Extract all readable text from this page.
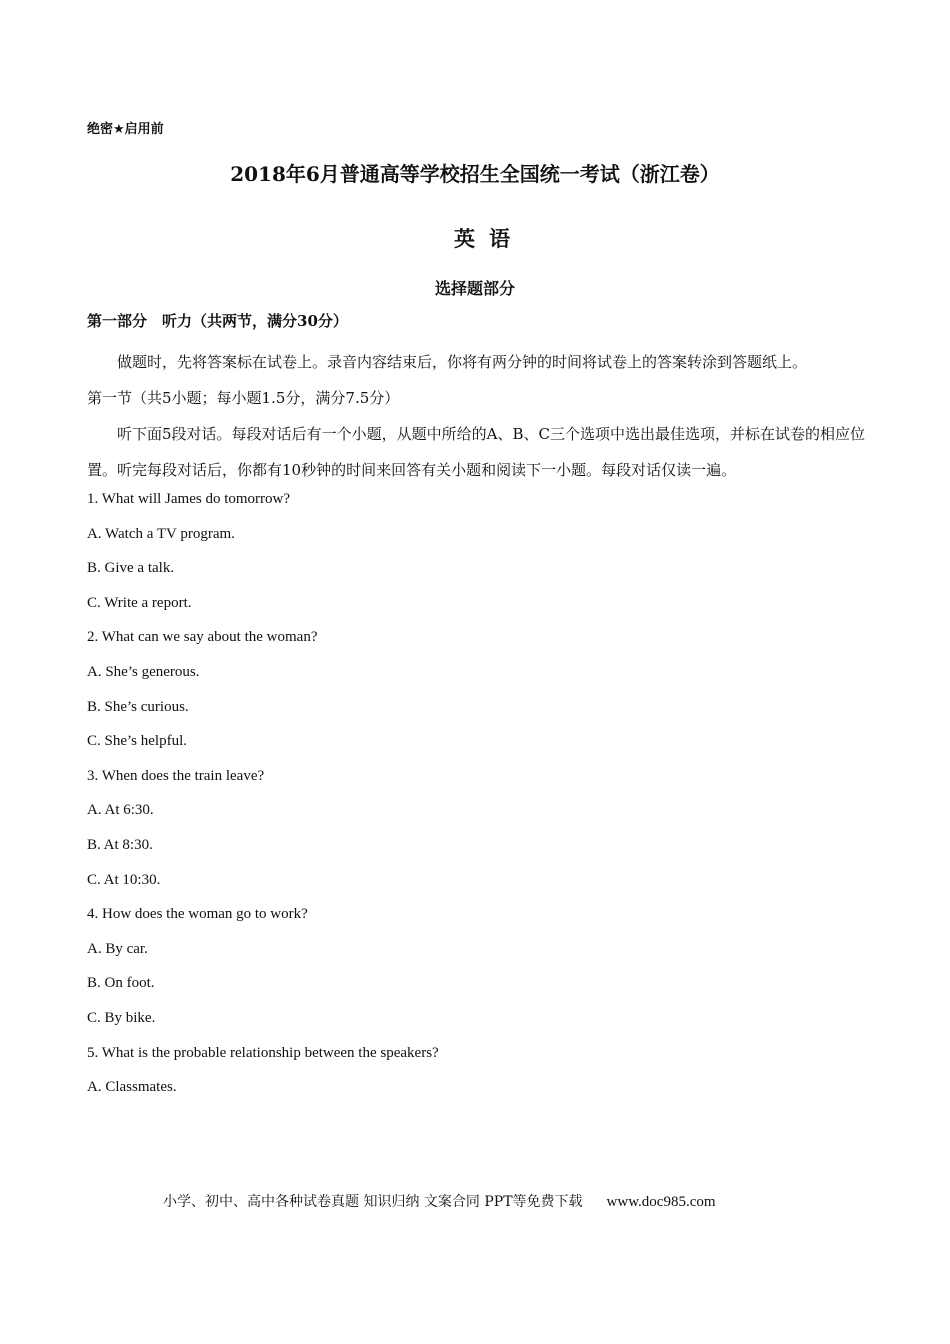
绝密★启用前
2018年6月普通高等学校招生全国统一考试（浙江卷）
英语
选择题部分
第一部分　听力（共两节，满分30分）
做题时，先将答案标在试卷上。录音内容结束后，你将有两分钟的时间将试卷上的答案转涂到答题纸上。
第一节（共5小题；每小题1.5分，满分7.5分）
听下面5段对话。每段对话后有一个小题，从题中所给的A、B、C三个选项中选出最佳选项，并标在试卷的相应位置。听完每段对话后，你都有10秒钟的时间来回答有关小题和阅读下一小题。每段对话仅读一遍。
1. What will James do tomorrow?
A. Watch a TV program.
B. Give a talk.
C. Write a report.
2. What can we say about the woman?
A. She’s generous.
B. She’s curious.
C. She’s helpful.
3. When does the train leave?
A. At 6:30.
B. At 8:30.
C. At 10:30.
4. How does the woman go to work?
A. By car.
B. On foot.
C. By bike.
5. What is the probable relationship between the speakers?
A. Classmates.
小学、初中、高中各种试卷真题 知识归纳 文案合同 PPT等免费下载 www.doc985.com
